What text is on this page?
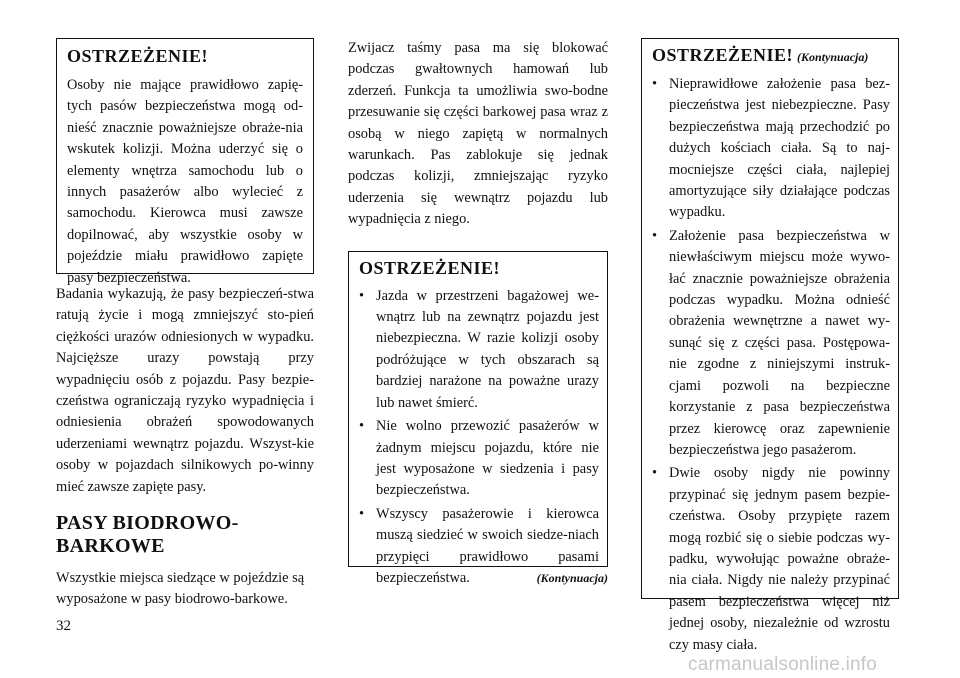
OSTRZEŻENIE!
Osoby nie mające prawidłowo zapię-tych pasów bezpieczeństwa mogą od-nieść znacznie poważniejsze obraże-nia wskutek kolizji. Można uderzyć się o elementy wnętrza samochodu lub o innych pasażerów albo wylecieć z samochodu. Kierowca musi zawsze dopilnować, aby wszystkie osoby w pojeździe miału prawidłowo zapięte pasy bezpieczeństwa.
Badania wykazują, że pasy bezpieczeń-stwa ratują życie i mogą zmniejszyć sto-pień ciężkości urazów odniesionych w wypadku. Najcięższe urazy powstają przy wypadnięciu osób z pojazdu. Pasy bezpie-czeństwa ograniczają ryzyko wypadnięcia i odniesienia obrażeń spowodowanych uderzeniami wewnątrz pojazdu. Wszyst-kie osoby w pojazdach silnikowych po-winny mieć zawsze zapięte pasy.
PASY BIODROWO-BARKOWE
Wszystkie miejsca siedzące w pojeździe są wyposażone w pasy biodrowo-barkowe.
Zwijacz taśmy pasa ma się blokować podczas gwałtownych hamowań lub zderzeń. Funkcja ta umożliwia swo-bodne przesuwanie się części barkowej pasa wraz z osobą w niego zapiętą w normalnych warunkach. Pas zablokuje się jednak podczas kolizji, zmniejszając ryzyko uderzenia się wewnątrz pojazdu lub wypadnięcia z niego.
OSTRZEŻENIE!
• Jazda w przestrzeni bagażowej we-wnątrz lub na zewnątrz pojazdu jest niebezpieczna. W razie kolizji osoby podróżujące w tych obszarach są bardziej narażone na poważne urazy lub nawet śmierć.
• Nie wolno przewozić pasażerów w żadnym miejscu pojazdu, które nie jest wyposażone w siedzenia i pasy bezpieczeństwa.
• Wszyscy pasażerowie i kierowca muszą siedzieć w swoich siedze-niach przypięci prawidłowo pasami bezpieczeństwa.	(Kontynuacja)
OSTRZEŻENIE! (Kontynuacja)
• Nieprawidłowe założenie pasa bez-pieczeństwa jest niebezpieczne. Pasy bezpieczeństwa mają przechodzić po dużych kościach ciała. Są to naj-mocniejsze części ciała, najlepiej amortyzujące siły działające podczas wypadku.
• Założenie pasa bezpieczeństwa w niewłaściwym miejscu może wywo-łać znacznie poważniejsze obrażenia podczas wypadku. Można odnieść obrażenia wewnętrzne a nawet wy-sunąć się z części pasa. Postępowa-nie zgodne z niniejszymi instruk-cjami pozwoli na bezpieczne korzystanie z pasa bezpieczeństwa przez kierowcę oraz zapewnienie bezpieczeństwa jego pasażerom.
• Dwie osoby nigdy nie powinny przypinać się jednym pasem bezpie-czeństwa. Osoby przypięte razem mogą rozbić się o siebie podczas wy-padku, wywołując poważne obraże-nia ciała. Nigdy nie należy przypinać pasem bezpieczeństwa więcej niż jednej osoby, niezależnie od wzrostu czy masy ciała.
32
carmanualsonline.info
